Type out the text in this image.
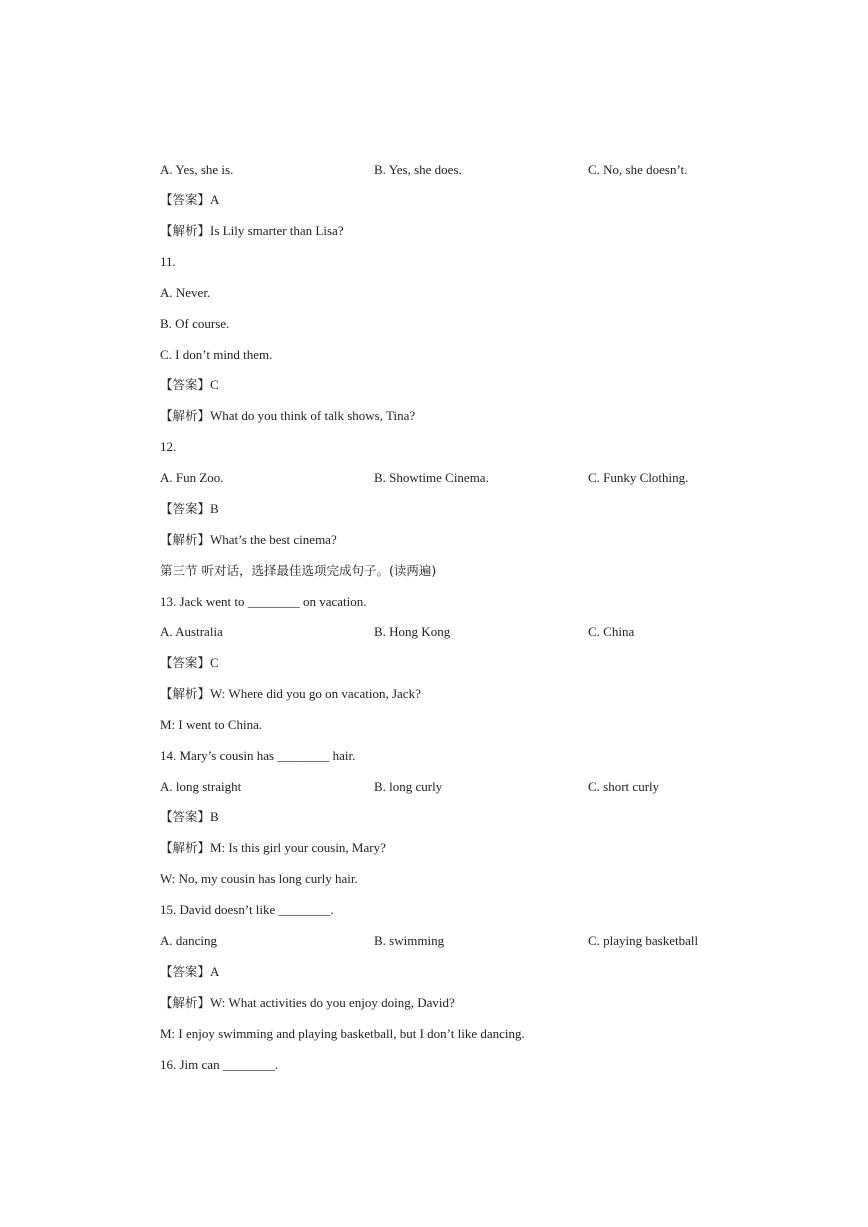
A. Yes, she is.	B. Yes, she does.	C. No, she doesn’t.
【答案】A
【解析】Is Lily smarter than Lisa?
11.
A. Never.
B. Of course.
C. I don’t mind them.
【答案】C
【解析】What do you think of talk shows, Tina?
12.
A. Fun Zoo.	B. Showtime Cinema.	C. Funky Clothing.
【答案】B
【解析】What’s the best cinema?
第三节 听对话，选择最佳选项完成句子。(读两遍)
13. Jack went to ________ on vacation.
A. Australia	B. Hong Kong	C. China
【答案】C
【解析】W: Where did you go on vacation, Jack?
M: I went to China.
14. Mary’s cousin has ________ hair.
A. long straight	B. long curly	C. short curly
【答案】B
【解析】M: Is this girl your cousin, Mary?
W: No, my cousin has long curly hair.
15. David doesn’t like ________.
A. dancing	B. swimming	C. playing basketball
【答案】A
【解析】W: What activities do you enjoy doing, David?
M: I enjoy swimming and playing basketball, but I don’t like dancing.
16. Jim can ________.
